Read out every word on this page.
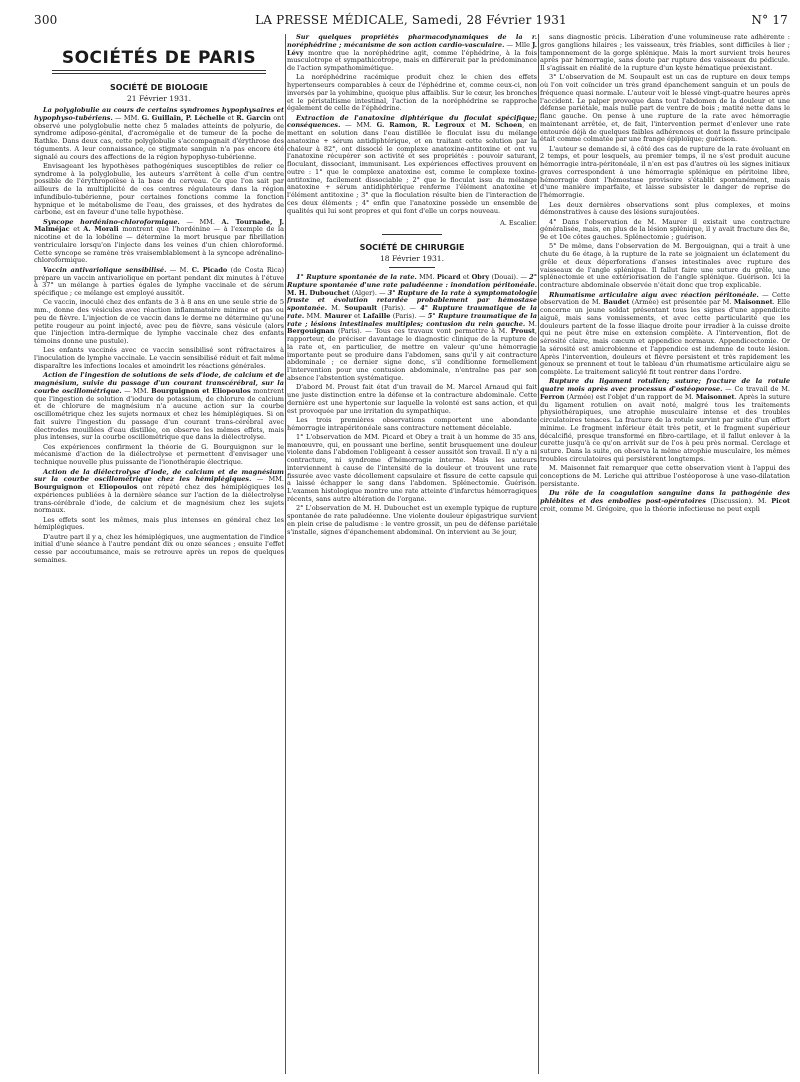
300	LA PRESSE MÉDICALE, Samedi, 28 Février 1931	N° 17
SOCIÉTÉS DE PARIS
SOCIÉTÉ DE BIOLOGIE
21 Février 1931.

La polyglobulie au cours de certains syndromes hypophysaires et hypophyso-tubériens. — MM. G. Guillain, P. Léchelle et R. Garcin ont observé une polyglobulie nette chez 5 malades atteints de polyurie, de syndrome adiposo-génital, d'acromégalie et de tumeur de la poche de Rathke. Dans deux cas, cette polyglobulie s'accompagnait d'érythrose des téguments. A leur connaissance, ce stigmate sanguin n'a pas encore été signalé au cours des affections de la région hypophyso-tubérienne.

Envisageant les hypothèses pathogéniques susceptibles de relier ce syndrome à la polyglobulie, les auteurs s'arrêtent à celle d'un centre possible de l'érythropoïèse à la base du cerveau. Ce que l'on sait par ailleurs de la multiplicité de ces centres régulateurs dans la région infundibulo-tubérienne, pour certaines fonctions comme la fonction hypnique et le métabolisme de l'eau, des graisses, et des hydrates de carbone, est en faveur d'une telle hypothèse.

Syncope hordénino-chloroformique. — MM. A. Tournade, J. Malméjac et A. Morali montrent que l'hordénine — à l'exemple de la nicotine et de la lobéline — détermine la mort brusque par fibrillation ventriculaire lorsqu'on l'injecte dans les veines d'un chien chloroformé. Cette syncope se ramène très vraisemblablement à la syncope adrénalino-chloroformique.

Vaccin antivariolique sensibilisé. — M. C. Picado (de Costa Rica) prépare un vaccin antivariolique en portant pendant dix minutes à l'étuve à 37° un mélange à parties égales de lymphe vaccinale et de sérum spécifique ; ce mélange est employé aussitôt.

Ce vaccin, inoculé chez des enfants de 3 à 8 ans en une seule strie de 5 mm., donne des vésicules avec réaction inflammatoire minime et pas ou peu de fièvre. L'injection de ce vaccin dans le derme ne détermine qu'une petite rougeur au point injecté, avec peu de fièvre, sans vésicule (alors que l'injection intra-dermique de lymphe vaccinale chez des enfants témoins donne une pustule).

Les enfants vaccinés avec ce vaccin sensibilisé sont réfractaires à l'inoculation de lymphe vaccinale. Le vaccin sensibilisé réduit et fait même disparaître les infections locales et amoindrit les réactions générales.

Action de l'ingestion de solutions de sels d'iode, de calcium et de magnésium, suivie du passage d'un courant transcérébral, sur la courbe oscillométrique. — MM. Bourguignon et Eliopoulos montrent que l'ingestion de solution d'iodure de potassium, de chlorure de calcium et de chlorure de magnésium n'a aucune action sur la courbe oscillométrique chez les sujets normaux et chez les hémiplégiques. Si on fait suivre l'ingestion du passage d'un courant trans-cérébral avec électrodes mouillées d'eau distillée, on observe les mêmes effets, mais plus intenses, sur la courbe oscillométrique que dans la diélectrolyse.

Ces expériences confirment la théorie de G. Bourguignon sur le mécanisme d'action de la diélectrolyse et permettent d'envisager une technique nouvelle plus puissante de l'ionothérapie électrique.

Action de la diélectrolyse d'iode, de calcium et de magnésium sur la courbe oscillométrique chez les hémiplégiques. — MM. Bourguignon et Eliopoulos ont répété chez des hémiplégiques les expériences publiées à la dernière séance sur l'action de la diélectrolyse trans-cérébrale d'iode, de calcium et de magnésium chez les sujets normaux.

Les effets sont les mêmes, mais plus intenses en général chez les hémiplégiques.

D'autre part il y a, chez les hémiplégiques, une augmentation de l'indice initial d'une séance à l'autre pendant dix ou onze séances ; ensuite l'effet cesse par accoutumance, mais se retrouve après un repos de quelques semaines.

Sur quelques propriétés pharmacodynamiques de la r. noréphédrine ; mécanisme de son action cardio-vasculaire. — Mlle J. Lévy montre que la noréphédrine agit, comme l'éphédrine, à la fois musculotrope et sympathicotrope, mais en différerait par la prédominance de l'action sympathomimétique.

La noréphédrine racémique produit chez le chien des effets hypertenseurs comparables à ceux de l'éphédrine et, comme ceux-ci, non inversés par la yohimbine, quoique plus affaiblis. Sur le cœur, les bronches et le péristaltisme intestinal, l'action de la noréphédrine se rapproche également de celle de l'éphédrine.

Extraction de l'anatoxine diphtérique du floculat spécifique; conséquences. — MM. G. Ramon, R. Legroux et M. Schoen, en mettant en solution dans l'eau distillée le floculat issu du mélange anatoxine + sérum antidiphtérique, et en traitant cette solution par la chaleur à 82°, ont dissocié le complexe anatoxine-antitoxine et ont vu l'anatoxine récupérer son activité et ses propriétés : pouvoir saturant, floculant, dissociant, immunisant. Les expériences effectives prouvent en outre : 1° que le complexe anatoxine est, comme le complexe toxine-antitoxine, facilement dissociable ; 2° que le floculat issu du mélange anatoxine + sérum antidiphtérique renferme l'élément anatoxine et l'élément antitoxine ; 3° que la floculation résulte bien de l'interaction de ces deux éléments ; 4° enfin que l'anatoxine possède un ensemble de qualités qui lui sont propres et qui font d'elle un corps nouveau.

A. Escalier.
SOCIÉTÉ DE CHIRURGIE
18 Février 1931.

1° Rupture spontanée de la rate. MM. Picard et Obry (Douai). — 2° Rupture spontanée d'une rate paludéenne : inondation péritonéale. M. H. Dubouchet (Alger). — 3° Rupture de la rate à symptomatologie fruste et évolution retardée probablement par hémostase spontanée. M. Soupault (Paris). — 4° Rupture traumatique de la rate. MM. Maurer et Lafaille (Paris). — 5° Rupture traumatique de la rate ; lésions intestinales multiples; contusion du rein gauche. M. Bergouignan (Paris). — Tous ces travaux vont permettre à M. Proust, rapporteur, de préciser davantage le diagnostic clinique de la rupture de la rate et, en particulier, de mettre en valeur qu'une hémorragie importante peut se produire dans l'abdomen, sans qu'il y ait contracture abdominale ; ce dernier signe donc, s'il conditionne formellement l'intervention pour une contusion abdominale, n'entraîne pas par son absence l'abstention systématique.

D'abord M. Proust fait état d'un travail de M. Marcel Arnaud qui fait une juste distinction entre la défense et la contracture abdominale. Cette dernière est une hypertonie sur laquelle la volonté est sans action, et qui est provoquée par une irritation du sympathique.

Les trois premières observations comportent une abondante hémorragie intrapéritonéale sans contracture nettement décelable.

1° L'observation de MM. Picard et Obry a trait à un homme de 35 ans, manœuvre, qui, en poussant une berline, sentit brusquement une douleur violente dans l'abdomen l'obligeant à cesser aussitôt son travail. Il n'y a ni contracture, ni syndrome d'hémorragie interne. Mais les auteurs interviennent à cause de l'intensité de la douleur et trouvent une rate fissurée avec vaste décollement capsulaire et fissure de cette capsule qui a laissé échapper le sang dans l'abdomen. Splénectomie. Guérison. L'examen histologique montre une rate atteinte d'infarctus hémorragiques récents, sans autre altération de l'organe.

2° L'observation de M. H. Dubouchet est un exemple typique de rupture spontanée de rate paludéenne. Une violente douleur épigastrique survient en plein crise de paludisme : le ventre grossit, un peu de défense pariétale s'installe, signes d'épanchement abdominal. On intervient au 3e jour,

sans diagnostic précis. Libération d'une volumineuse rate adhérente : gros ganglions hilaires ; les vaisseaux, très friables, sont difficiles à lier ; tamponnement de la gorge splénique. Mais la mort survient trois heures après par hémorragie, sans doute par rupture des vaisseaux du pédicule. Il s'agissait en réalité de la rupture d'un kyste hématique préexistant.

3° L'observation de M. Soupault est un cas de rupture en deux temps où l'on voit coïncider un très grand épanchement sanguin et un pouls de fréquence quasi normale. L'auteur voit le blessé vingt-quatre heures après l'accident. Le palper provoque dans tout l'abdomen de la douleur et une défense pariétale, mais nulle part de ventre de bois ; matité nette dans le flanc gauche. On pense à une rupture de la rate avec hémorragie maintenant arrêtée, et, de fait, l'intervention permet d'enlever une rate entourée déjà de quelques faibles adhérences et dont la fissure principale était comme colmatée par une frange épiploïque; guérison.

L'auteur se demande si, à côté des cas de rupture de la rate évoluant en 2 temps, et pour lesquels, au premier temps, il ne s'est produit aucune hémorragie intra-péritonéale, il n'en est pas d'autres où les signes initiaux graves correspondent à une hémorragie splénique en péritoine libre, hémorragie dont l'hémostase provisoire s'établit spontanément, mais d'une manière imparfaite, et laisse subsister le danger de reprise de l'hémorragie.

Les deux dernières observations sont plus complexes, et moins démonstratives à cause des lésions surajoutées.

4° Dans l'observation de M. Maurer il existait une contracture généralisée, mais, en plus de la lésion splénique, il y avait fracture des 8e, 9e et 10e côtes gauches. Splénectomie ; guérison.

5° De même, dans l'observation de M. Bergouignan, qui a trait à une chute du 6e étage, à la rupture de la rate se joignaient un éclatement du grêle et deux déperforations d'anses intestinales avec rupture des vaisseaux de l'angle splénique. Il fallut faire une suture du grêle, une splénectomie et une extériorisation de l'angle splénique. Guérison. Ici la contracture abdominale observée n'était donc que trop explicable.

Rhumatisme articulaire aigu avec réaction péritonéale. — Cette observation de M. Baudet (Armée) est présentée par M. Maisonnet. Elle concerne un jeune soldat présentant tous les signes d'une appendicite aiguë, mais sans vomissements, et avec cette particularité que les douleurs partent de la fosse iliaque droite pour irradier à la cuisse droite qui ne peut être mise en extension complète. A l'intervention, flot de sérosité claire, mais cæcum et appendice normaux. Appendicectomie. Or la sérosité est amicrobienne et l'appendice est indemne de toute lésion. Après l'intervention, douleurs et fièvre persistent et très rapidement les genoux se prennent et tout le tableau d'un rhumatisme articulaire aigu se complète. Le traitement salicylé fit tout rentrer dans l'ordre.

Rupture du ligament rotulien; suture; fracture de la rotule quatre mois après avec processus d'ostéoporose. — Ce travail de M. Ferron (Armée) est l'objet d'un rapport de M. Maisonnet. Après la suture du ligament rotulien on avait noté, malgré tous les traitements physiothérapiques, une atrophie musculaire intense et des troubles circulatoires tenaces. La fracture de la rotule survint par suite d'un effort minime. Le fragment inférieur était très petit, et le fragment supérieur décalcifié, presque transformé en fibro-cartilage, et il fallut enlever à la curette jusqu'à ce qu'on arrivât sur de l'os à peu près normal. Cerclage et suture. Dans la suite, on observa la même atrophie musculaire, les mêmes troubles circulatoires qui persistèrent longtemps.

M. Maisonnet fait remarquer que cette observation vient à l'appui des conceptions de M. Leriche qui attribue l'ostéoporose à une vaso-dilatation persistante.

Du rôle de la coagulation sanguine dans la pathogénie des phlébites et des embolies post-opératoires (Discussion). M. Picot croit, comme M. Grégoire, que la théorie infectieuse ne peut expli
